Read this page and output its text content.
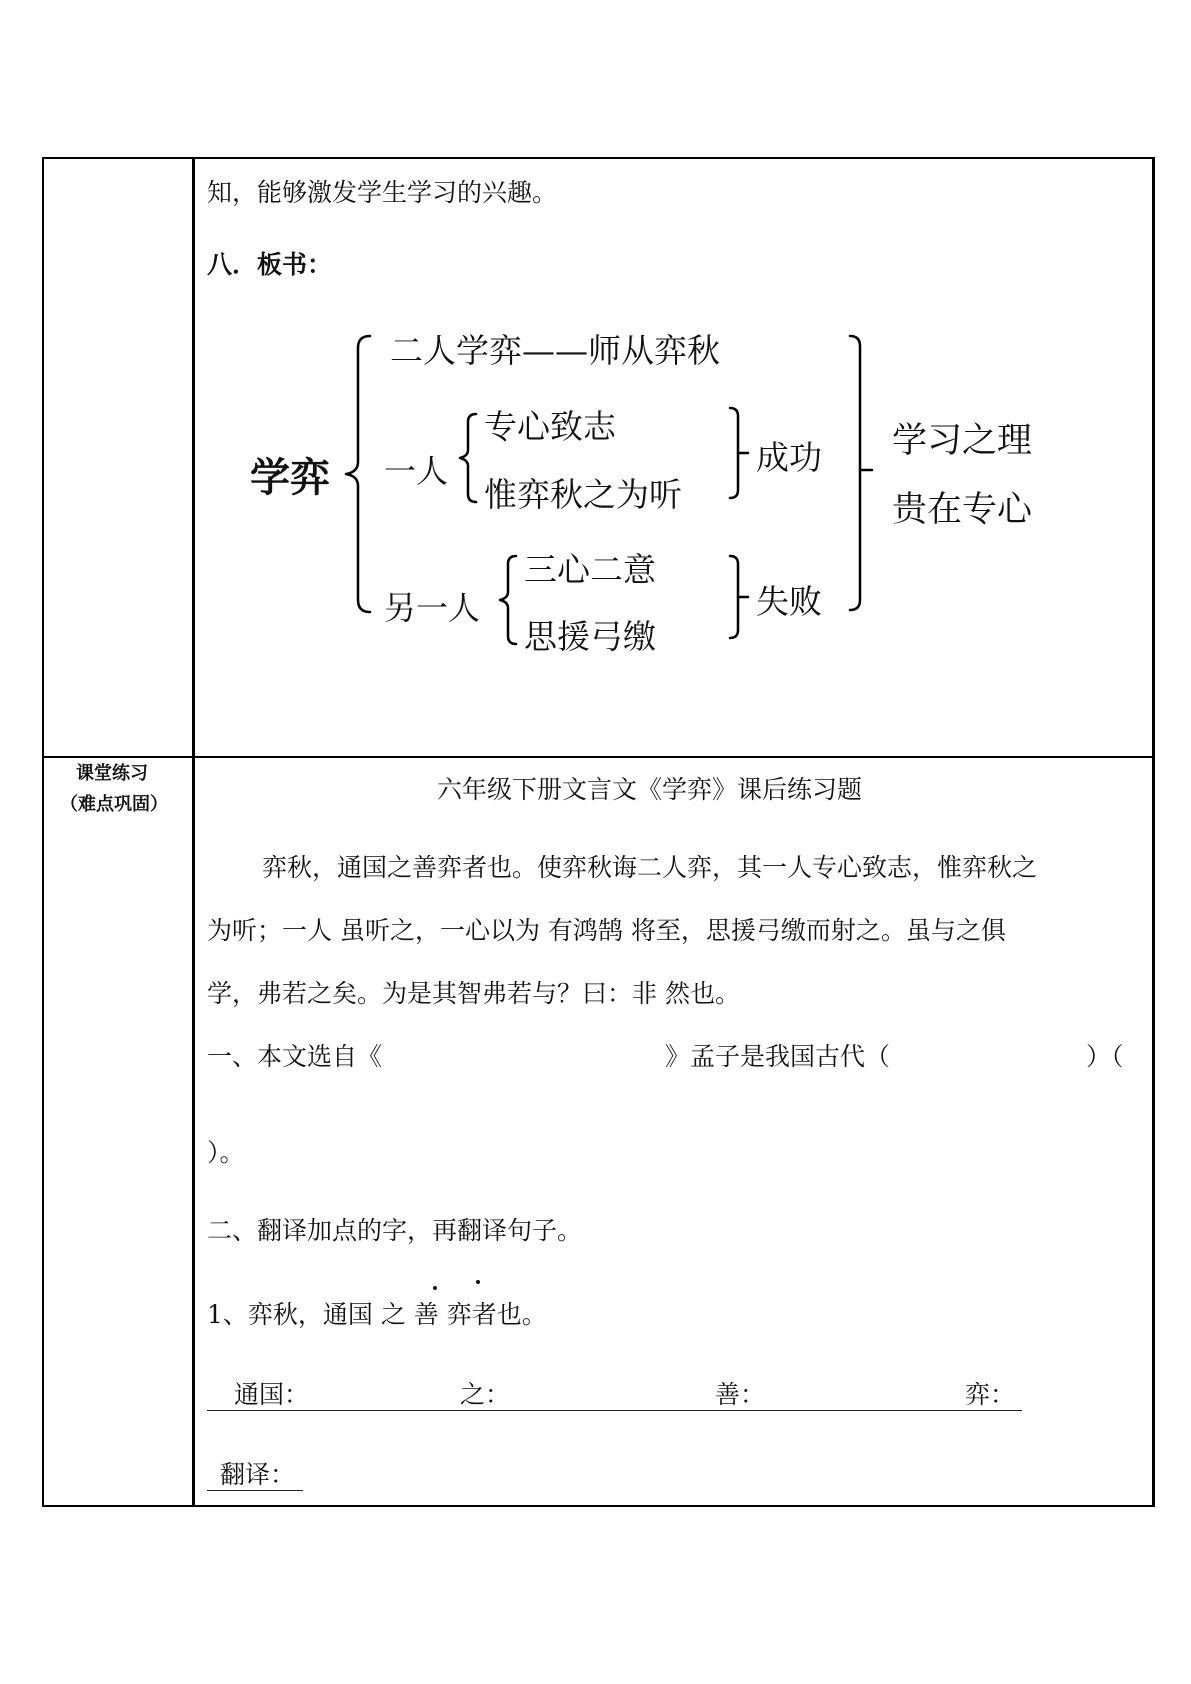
知，能够激发学生学习的兴趣。
八．板书：
学弈
二人学弈——师从弈秋
一人
专心致志
惟弈秋之为听
成功
另一人
三心二意
思援弓缴
失败
学习之理
贵在专心
课堂练习
（难点巩固）
六年级下册文言文《学弈》课后练习题
弈秋，通国之善弈者也。使弈秋诲二人弈，其一人专心致志，惟弈秋之
为听；一人 虽听之，一心以为 有鸿鹄 将至，思援弓缴而射之。虽与之俱
学，弗若之矣。为是其智弗若与？曰：非 然也。
一、本文选自《	》孟子是我国古代（	）（
）。
二、翻译加点的字，再翻译句子。
1、弈秋，通国 之 善 弈者也。
通国：	之：	善：	弈：
翻译：
